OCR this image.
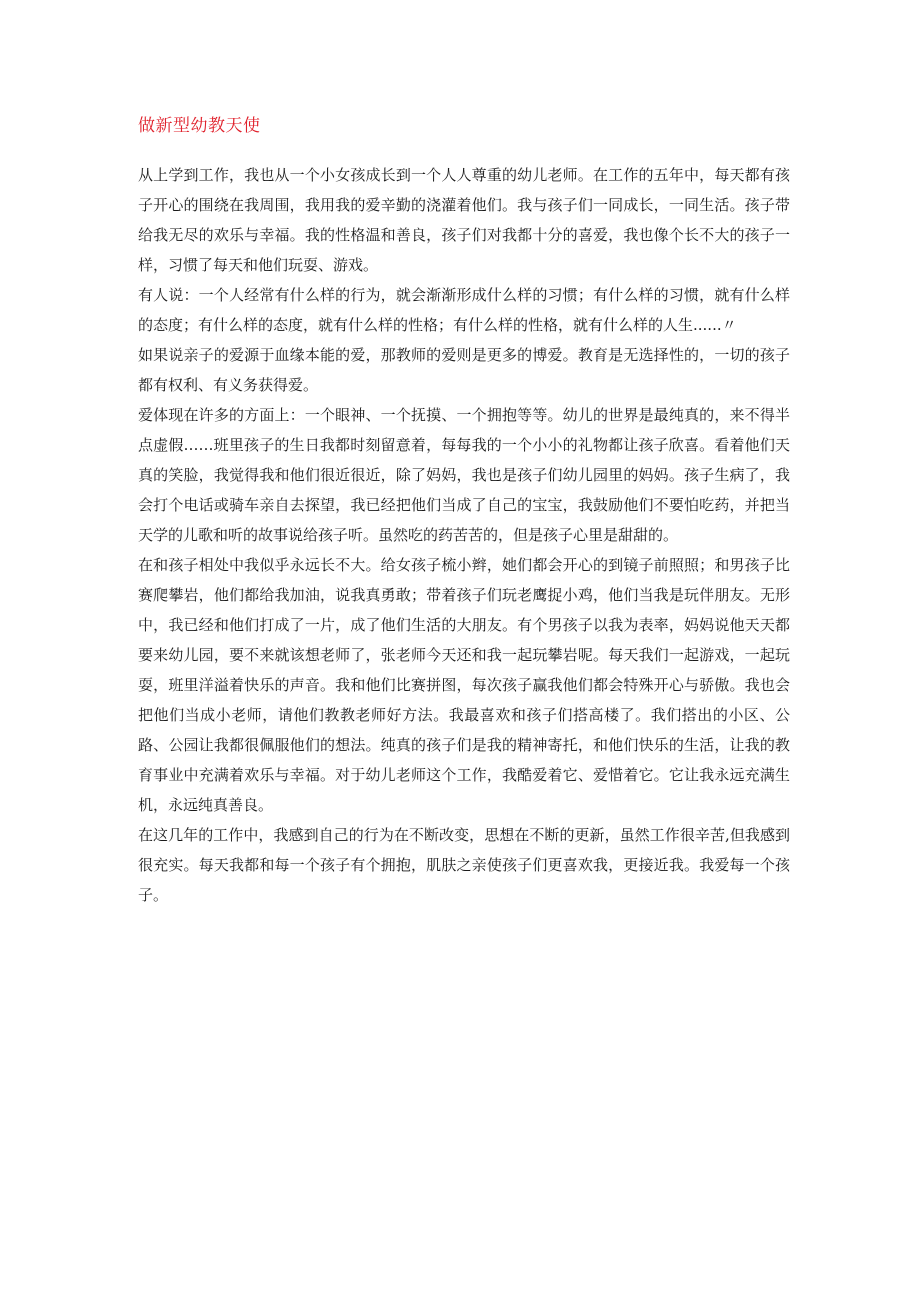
做新型幼教天使

从上学到工作，我也从一个小女孩成长到一个人人尊重的幼儿老师。在工作的五年中，每天都有孩子开心的围绕在我周围，我用我的爱辛勤的浇灌着他们。我与孩子们一同成长，一同生活。孩子带给我无尽的欢乐与幸福。我的性格温和善良，孩子们对我都十分的喜爱，我也像个长不大的孩子一样，习惯了每天和他们玩耍、游戏。

有人说：一个人经常有什么样的行为，就会渐渐形成什么样的习惯；有什么样的习惯，就有什么样的态度；有什么样的态度，就有什么样的性格；有什么样的性格，就有什么样的人生......〃

如果说亲子的爱源于血缘本能的爱，那教师的爱则是更多的博爱。教育是无选择性的，一切的孩子都有权利、有义务获得爱。

爱体现在许多的方面上：一个眼神、一个抚摸、一个拥抱等等。幼儿的世界是最纯真的，来不得半点虚假……班里孩子的生日我都时刻留意着，每每我的一个小小的礼物都让孩子欣喜。看着他们天真的笑脸，我觉得我和他们很近很近，除了妈妈，我也是孩子们幼儿园里的妈妈。孩子生病了，我会打个电话或骑车亲自去探望，我已经把他们当成了自己的宝宝，我鼓励他们不要怕吃药，并把当天学的儿歌和听的故事说给孩子听。虽然吃的药苦苦的，但是孩子心里是甜甜的。

在和孩子相处中我似乎永远长不大。给女孩子梳小辫，她们都会开心的到镜子前照照；和男孩子比赛爬攀岩，他们都给我加油，说我真勇敢；带着孩子们玩老鹰捉小鸡，他们当我是玩伴朋友。无形中，我已经和他们打成了一片，成了他们生活的大朋友。有个男孩子以我为表率，妈妈说他天天都要来幼儿园，要不来就该想老师了，张老师今天还和我一起玩攀岩呢。每天我们一起游戏，一起玩耍，班里洋溢着快乐的声音。我和他们比赛拼图，每次孩子赢我他们都会特殊开心与骄傲。我也会把他们当成小老师，请他们教教老师好方法。我最喜欢和孩子们搭高楼了。我们搭出的小区、公路、公园让我都很佩服他们的想法。纯真的孩子们是我的精神寄托，和他们快乐的生活，让我的教育事业中充满着欢乐与幸福。对于幼儿老师这个工作，我酷爱着它、爱惜着它。它让我永远充满生机，永远纯真善良。

在这几年的工作中，我感到自己的行为在不断改变，思想在不断的更新，虽然工作很辛苦,但我感到很充实。每天我都和每一个孩子有个拥抱，肌肤之亲使孩子们更喜欢我，更接近我。我爱每一个孩子。
